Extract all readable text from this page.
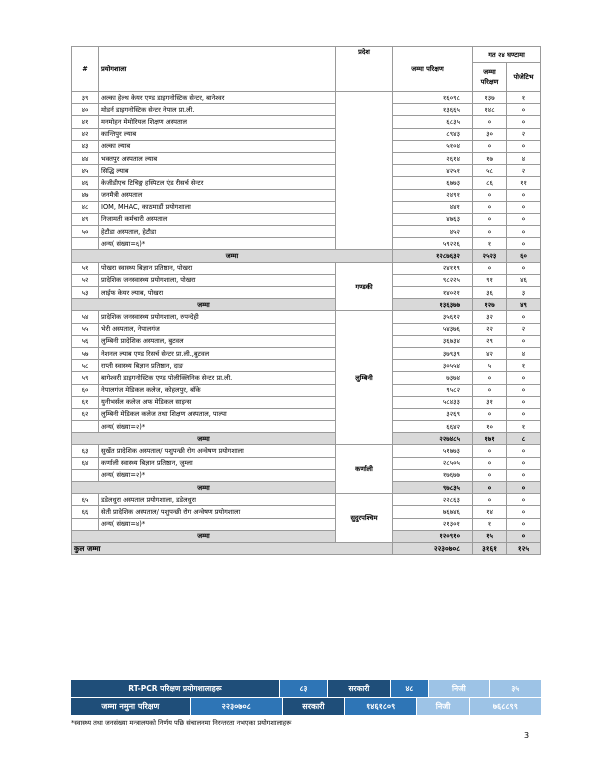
#	प्रयोगशाला	प्रदेश	जम्मा परिक्षण	गत २४ घण्टामा	
				जम्मा परिक्षण	पोजेटिभ

३९	अल्का हेल्थ केयर एण्ड डाइगनोस्टिक सेन्टर, बानेश्वर		१६०९८	१३७	१
४०	मोडर्न डाइगनोस्टिक सेन्टर नेपाल प्रा.ली.		१३६६५	१४८	०
४१	मनमोहन मेमोरियल शिक्षण अस्पताल		६८३५	०	०
४२	कान्तिपुर ल्याब		८९४३	३०	२
४३	अल्का ल्याब		५१०४	०	०
४४	भक्तपुर अस्पताल ल्याब		२६१४	१७	४
४५	सिद्धि ल्याब		४२५१	५८	२
४६	केजीडीएच टिचिङ्ग हस्पिटल एंड रीसर्च सेन्टर		६७७३	८६	११
४७	जनमैत्री अस्पताल		२४९१	०	०
४८	IOM, MHAC, काठमाडौं प्रयोगशाला		४४१	०	०
४९	निजामती कर्मचारी अस्पताल		४७६३	०	०
५०	हेटौडा अस्पताल, हेटौडा		४५२	०	०
	अन्य( संख्या=६)*		५९२२६	१	०
जम्मा			१२८७६३२	२५२३	६०
५१	पोखरा स्वास्थ्य बिज्ञान प्रतिष्ठान, पोखरा	गण्डकी	२४११९	०	०
५२	प्रादेशिक जनस्वास्थ्य प्रयोगशाला, पोखरा		९८२२५	९१	४६
५३	लाईफ केयर ल्याब, पोखरा		१४०२१	३६	३
जम्मा			१३६३७७	१२७	४९
५४	प्रादेशिक जनस्वास्थ्य प्रयोगशाला, रुपन्देही	लुम्बिनी	३५६१२	३२	०
५५	भेरी अस्पताल, नेपालगंज		५४३७६	२२	२
५६	लुम्बिनी प्रादेशिक अस्पताल, बुटवल		३६७३४	२९	०
५७	नेशनल ल्याब एण्ड रिसर्च सेन्टर प्रा.ली.,बुटवल		३७९३९	४२	४
५८	राप्ती स्वास्थ्य बिज्ञान प्रतिष्ठान, दाङ		३०५५४	५	१
५९	बागेश्वरी डाइगनोस्टिक एण्ड पोलीक्लिनिक सेन्टर प्रा.ली.		७३७४	०	०
६०	नेपालगंज मेडिकल कलेज, कोहलपुर, बाँके		९५८२	०	०
६१	युनीभर्सल कलेज अफ मेडिकल साइन्स		५८४३३	३१	०
६२	लुम्बिनी मेडिकल कलेज तथा शिक्षण अस्पताल, पाल्पा		३२६९	०	०
	अन्य( संख्या=२)*		६६४२	१०	१
जम्मा			२२७४८५	१७१	८
६३	सुर्खेत प्रादेशिक अस्पताल/ पशुपन्छी रोग अन्वेषण प्रयोगशाला	कर्णाली	५१७७३	०	०
६४	कर्णाली स्वास्थ्य बिज्ञान प्रतिष्ठान, जुम्ला		२८५०५	०	०
	अन्य( संख्या=२)*		१७६७७	०	०
जम्मा			९७८३५	०	०
६५	डडेलधुरा अस्पताल प्रयोगशाला, डडेलधुरा	सुदुरपश्चिम	२२८६३	०	०
६६	सेती प्रादेशिक अस्पताल/ पशुपन्छी रोग अन्वेषण प्रयोगशाला		७६७४६	१४	०
	अन्य( संख्या=४)*		२१३०१	१	०
जम्मा			१२०९१०	१५	०
कुल जम्मा			२२३०७०८	३१६१	१२५
RT-PCR परिक्षण प्रयोगशालाहरू	८३	सरकारी	४८	निजी	३५
जम्मा नमुना परिक्षण	२२३०७०८	सरकारी	१४६१८०९	निजी	७६८८९९
*स्वास्थ्य तथा जनसंख्या मन्त्रालयको निर्णय पछि संचालनमा निरन्तरता नभएका प्रयोगशालाहरू
3
